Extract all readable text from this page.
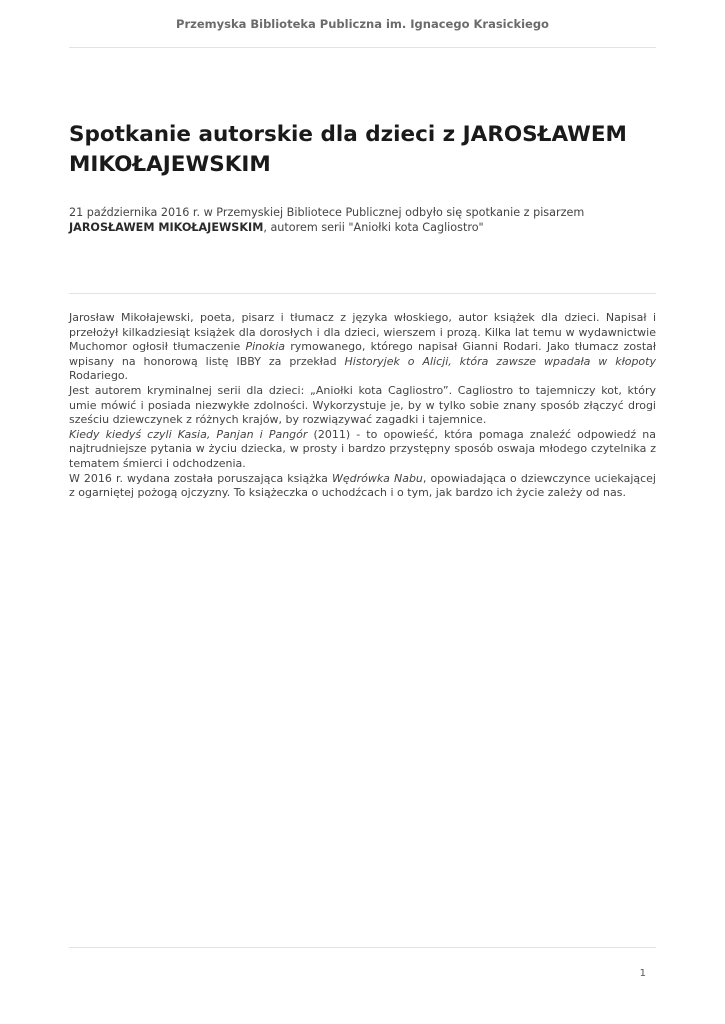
Przemyska Biblioteka Publiczna im. Ignacego Krasickiego
Spotkanie autorskie dla dzieci z JAROSŁAWEM
MIKOŁAJEWSKIM

21 października 2016 r. w Przemyskiej Bibliotece Publicznej odbyło się spotkanie z pisarzem JAROSŁAWEM MIKOŁAJEWSKIM, autorem serii "Aniołki kota Cagliostro"

Jarosław Mikołajewski, poeta, pisarz i tłumacz z języka włoskiego, autor książek dla dzieci. Napisał i przełożył kilkadziesiąt książek dla dorosłych i dla dzieci, wierszem i prozą. Kilka lat temu w wydawnictwie Muchomor ogłosił tłumaczenie Pinokia rymowanego, którego napisał Gianni Rodari. Jako tłumacz został wpisany na honorową listę IBBY za przekład Historyjek o Alicji, która zawsze wpadała w kłopoty Rodariego.

Jest autorem kryminalnej serii dla dzieci: „Aniołki kota Cagliostro”. Cagliostro to tajemniczy kot, który umie mówić i posiada niezwykłe zdolności. Wykorzystuje je, by w tylko sobie znany sposób złączyć drogi sześciu dziewczynek z różnych krajów, by rozwiązywać zagadki i tajemnice.

Kiedy kiedyś czyli Kasia, Panjan i Pangór (2011) - to opowieść, która pomaga znaleźć odpowiedź na najtrudniejsze pytania w życiu dziecka, w prosty i bardzo przystępny sposób oswaja młodego czytelnika z tematem śmierci i odchodzenia.

W 2016 r. wydana została poruszająca książka Wędrówka Nabu, opowiadająca o dziewczynce uciekającej z ogarniętej pożogą ojczyzny. To książeczka o uchodźcach i o tym, jak bardzo ich życie zależy od nas.

1
